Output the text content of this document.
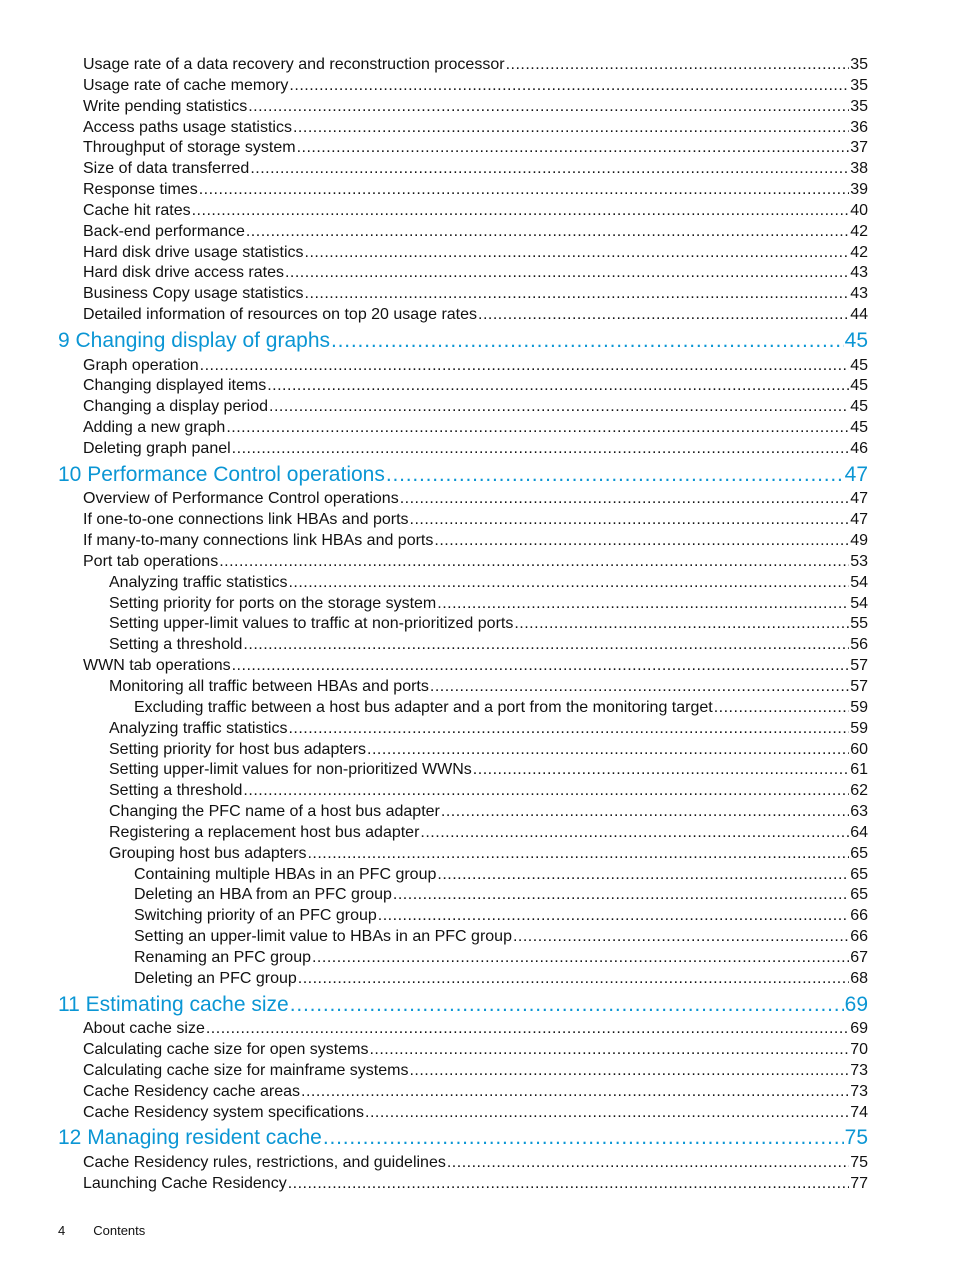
Usage rate of a data recovery and reconstruction processor .....	35
Usage rate of cache memory .....	35
Write pending statistics .....	35
Access paths usage statistics .....	36
Throughput of storage system .....	37
Size of data transferred .....	38
Response times .....	39
Cache hit rates .....	40
Back-end performance .....	42
Hard disk drive usage statistics .....	42
Hard disk drive access rates .....	43
Business Copy usage statistics .....	43
Detailed information of resources on top 20 usage rates .....	44
9 Changing display of graphs .....	45
Graph operation .....	45
Changing displayed items .....	45
Changing a display period .....	45
Adding a new graph .....	45
Deleting graph panel .....	46
10 Performance Control operations .....	47
Overview of Performance Control operations .....	47
If one-to-one connections link HBAs and ports .....	47
If many-to-many connections link HBAs and ports .....	49
Port tab operations .....	53
Analyzing traffic statistics .....	54
Setting priority for ports on the storage system .....	54
Setting upper-limit values to traffic at non-prioritized ports .....	55
Setting a threshold .....	56
WWN tab operations .....	57
Monitoring all traffic between HBAs and ports .....	57
Excluding traffic between a host bus adapter and a port from the monitoring target .....	59
Analyzing traffic statistics .....	59
Setting priority for host bus adapters .....	60
Setting upper-limit values for non-prioritized WWNs .....	61
Setting a threshold .....	62
Changing the PFC name of a host bus adapter .....	63
Registering a replacement host bus adapter .....	64
Grouping host bus adapters .....	65
Containing multiple HBAs in an PFC group .....	65
Deleting an HBA from an PFC group .....	65
Switching priority of an PFC group .....	66
Setting an upper-limit value to HBAs in an PFC group .....	66
Renaming an PFC group .....	67
Deleting an PFC group .....	68
11 Estimating cache size .....	69
About cache size .....	69
Calculating cache size for open systems .....	70
Calculating cache size for mainframe systems .....	73
Cache Residency cache areas .....	73
Cache Residency system specifications .....	74
12 Managing resident cache .....	75
Cache Residency rules, restrictions, and guidelines .....	75
Launching Cache Residency .....	77
4 Contents
